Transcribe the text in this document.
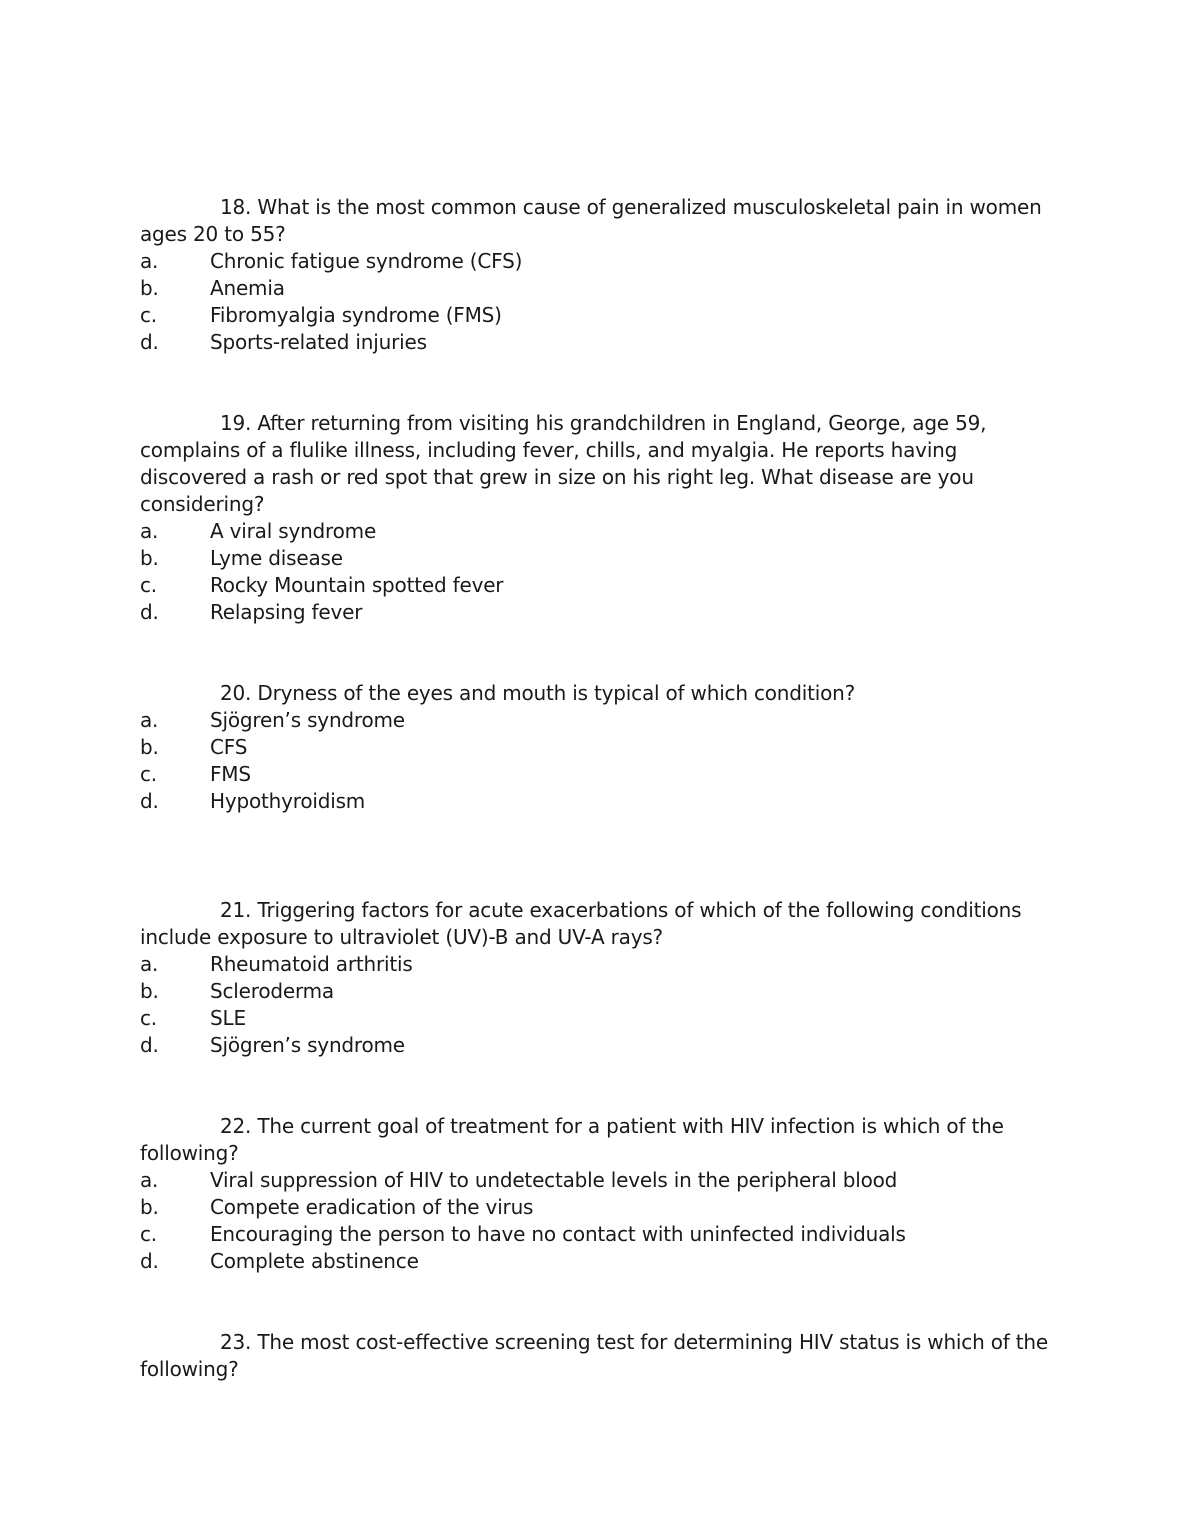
18. What is the most common cause of generalized musculoskeletal pain in women ages 20 to 55?

a.	Chronic fatigue syndrome (CFS)
b.	Anemia
c.	Fibromyalgia syndrome (FMS)
d.	Sports-related injuries

19. After returning from visiting his grandchildren in England, George, age 59, complains of a flulike illness, including fever, chills, and myalgia. He reports having discovered a rash or red spot that grew in size on his right leg. What disease are you considering?

a.	A viral syndrome
b.	Lyme disease
c.	Rocky Mountain spotted fever
d.	Relapsing fever

20. Dryness of the eyes and mouth is typical of which condition?

a.	Sjögren’s syndrome
b.	CFS
c.	FMS
d.	Hypothyroidism

21. Triggering factors for acute exacerbations of which of the following conditions include exposure to ultraviolet (UV)-B and UV-A rays?

a.	Rheumatoid arthritis
b.	Scleroderma
c.	SLE
d.	Sjögren’s syndrome

22. The current goal of treatment for a patient with HIV infection is which of the following?

a.	Viral suppression of HIV to undetectable levels in the peripheral blood
b.	Compete eradication of the virus
c.	Encouraging the person to have no contact with uninfected individuals
d.	Complete abstinence

23. The most cost-effective screening test for determining HIV status is which of the following?
